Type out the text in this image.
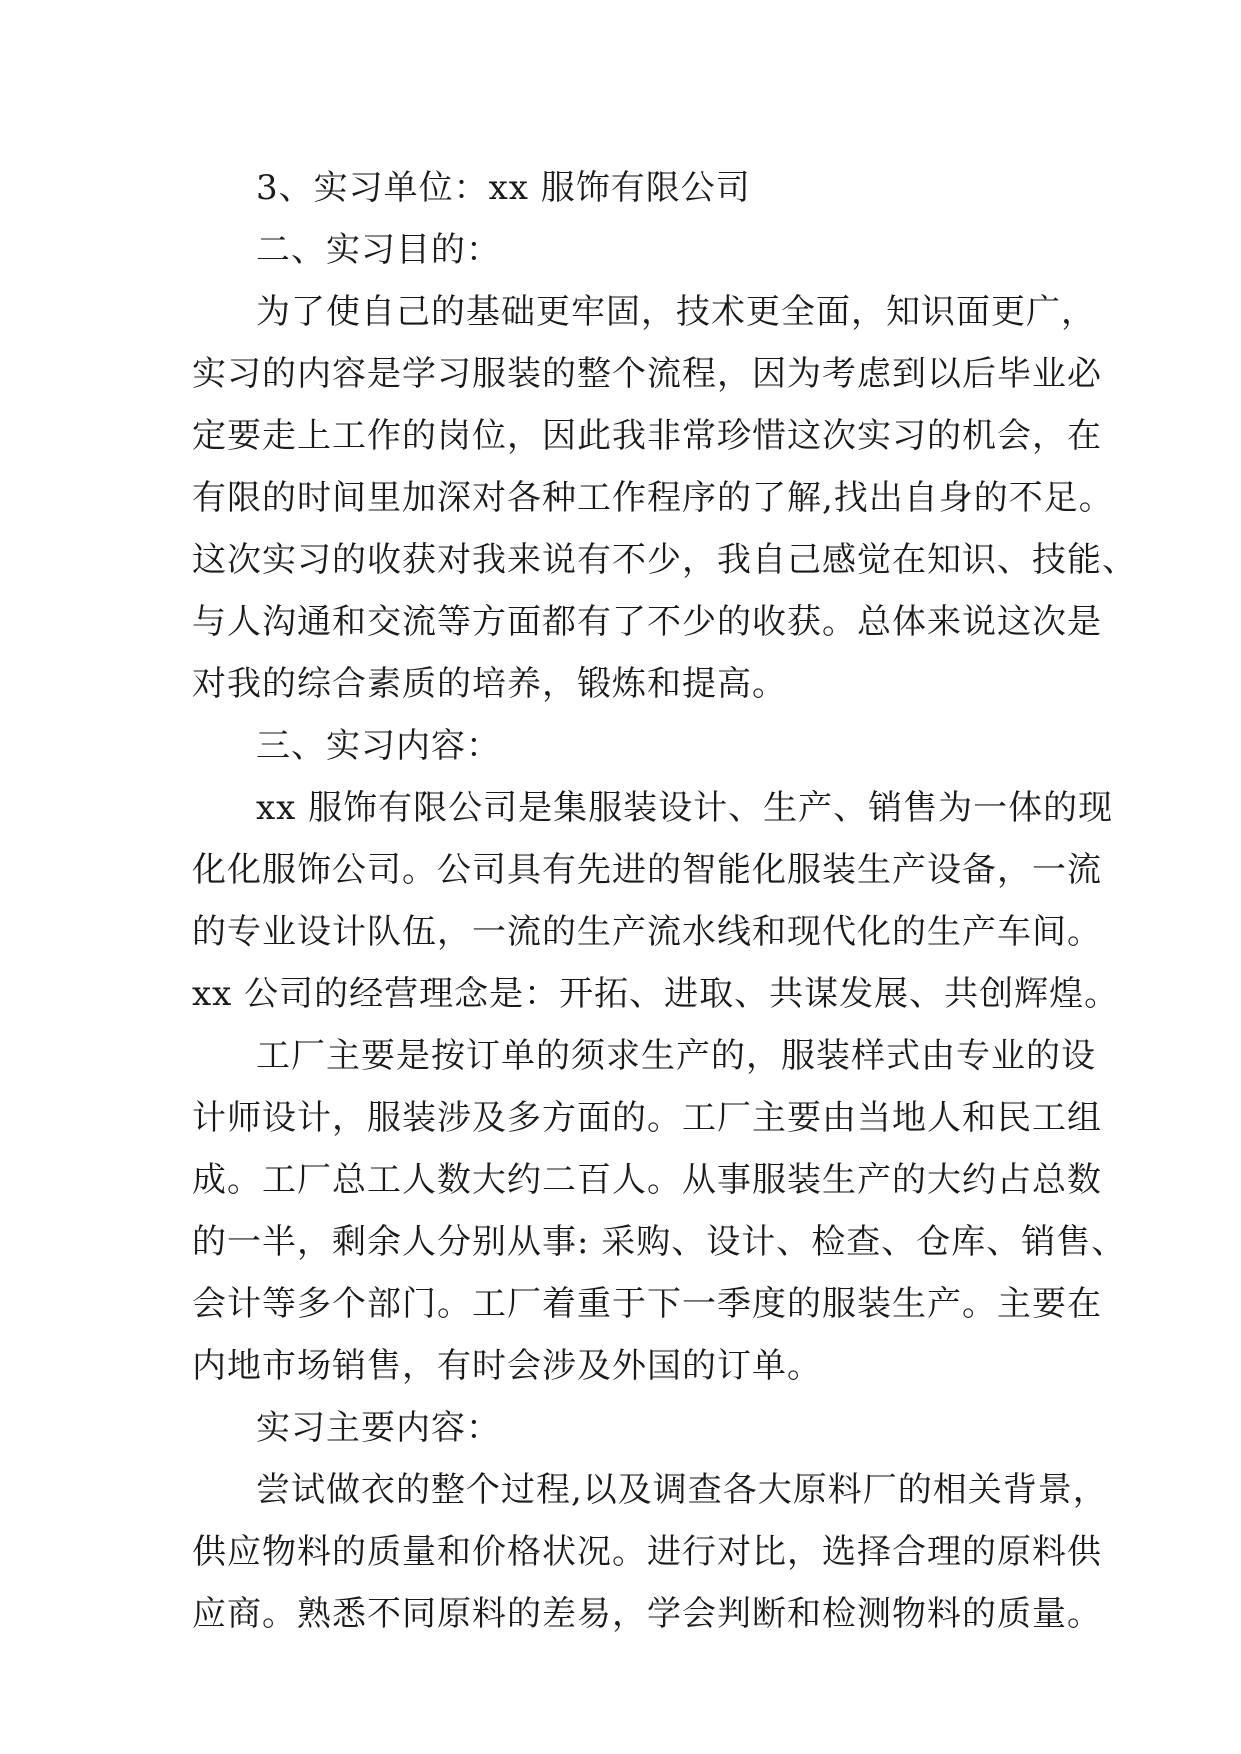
3、实习单位：xx 服饰有限公司
二、实习目的：
为了使自己的基础更牢固，技术更全面，知识面更广，
实习的内容是学习服装的整个流程，因为考虑到以后毕业必
定要走上工作的岗位，因此我非常珍惜这次实习的机会，在
有限的时间里加深对各种工作程序的了解,找出自身的不足。
这次实习的收获对我来说有不少，我自己感觉在知识、技能、
与人沟通和交流等方面都有了不少的收获。总体来说这次是
对我的综合素质的培养，锻炼和提高。
三、实习内容：
xx 服饰有限公司是集服装设计、生产、销售为一体的现
化化服饰公司。公司具有先进的智能化服装生产设备，一流
的专业设计队伍，一流的生产流水线和现代化的生产车间。
xx 公司的经营理念是：开拓、进取、共谋发展、共创辉煌。
工厂主要是按订单的须求生产的，服装样式由专业的设
计师设计，服装涉及多方面的。工厂主要由当地人和民工组
成。工厂总工人数大约二百人。从事服装生产的大约占总数
的一半，剩余人分别从事: 采购、设计、检查、仓库、销售、
会计等多个部门。工厂着重于下一季度的服装生产。主要在
内地市场销售，有时会涉及外国的订单。
实习主要内容：
尝试做衣的整个过程,以及调查各大原料厂的相关背景，
供应物料的质量和价格状况。进行对比，选择合理的原料供
应商。熟悉不同原料的差易，学会判断和检测物料的质量。
